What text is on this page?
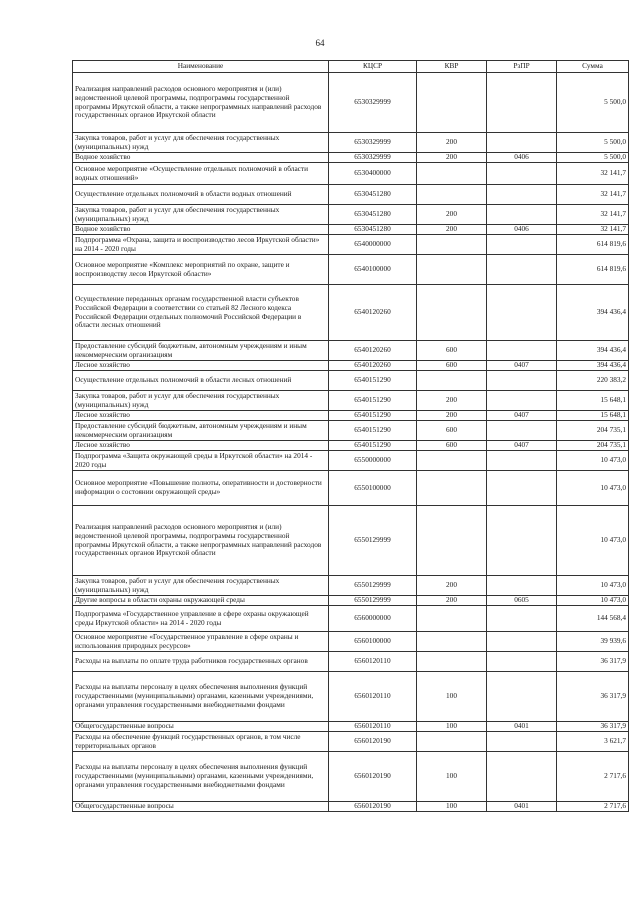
64
Наименование	КЦСР	КВР	РзПР	Сумма
Реализация направлений расходов основного мероприятия и (или) ведомственной целевой программы, подпрограммы государственной программы Иркутской области, а также непрограммных направлений расходов государственных органов Иркутской области	6530329999			5 500,0
Закупка товаров, работ и услуг для обеспечения государственных (муниципальных) нужд	6530329999	200		5 500,0
Водное хозяйство	6530329999	200	0406	5 500,0
Основное мероприятие «Осуществление отдельных полномочий в области водных отношений»	6530400000			32 141,7
Осуществление отдельных полномочий в области водных отношений	6530451280			32 141,7
Закупка товаров, работ и услуг для обеспечения государственных (муниципальных) нужд	6530451280	200		32 141,7
Водное хозяйство	6530451280	200	0406	32 141,7
Подпрограмма «Охрана, защита и воспроизводство лесов Иркутской области» на 2014 - 2020 годы	6540000000			614 819,6
Основное мероприятие «Комплекс мероприятий по охране, защите и воспроизводству лесов Иркутской области»	6540100000			614 819,6
Осуществление переданных органам государственной власти субъектов Российской Федерации в соответствии со статьей 82 Лесного кодекса Российской Федерации отдельных полномочий Российской Федерации в области лесных отношений	6540120260			394 436,4
Предоставление субсидий бюджетным, автономным учреждениям и иным некоммерческим организациям	6540120260	600		394 436,4
Лесное хозяйство	6540120260	600	0407	394 436,4
Осуществление отдельных полномочий в области лесных отношений	6540151290			220 383,2
Закупка товаров, работ и услуг для обеспечения государственных (муниципальных) нужд	6540151290	200		15 648,1
Лесное хозяйство	6540151290	200	0407	15 648,1
Предоставление субсидий бюджетным, автономным учреждениям и иным некоммерческим организациям	6540151290	600		204 735,1
Лесное хозяйство	6540151290	600	0407	204 735,1
Подпрограмма «Защита окружающей среды в Иркутской области» на 2014 - 2020 годы	6550000000			10 473,0
Основное мероприятие «Повышение полноты, оперативности и достоверности информации о состоянии окружающей среды»	6550100000			10 473,0
Реализация направлений расходов основного мероприятия и (или) ведомственной целевой программы, подпрограммы государственной программы Иркутской области, а также непрограммных направлений расходов государственных органов Иркутской области	6550129999			10 473,0
Закупка товаров, работ и услуг для обеспечения государственных (муниципальных) нужд	6550129999	200		10 473,0
Другие вопросы в области охраны окружающей среды	6550129999	200	0605	10 473,0
Подпрограмма «Государственное управление в сфере охраны окружающей среды Иркутской области» на 2014 - 2020 годы	6560000000			144 568,4
Основное мероприятие «Государственное управление в сфере охраны и использования природных ресурсов»	6560100000			39 939,6
Расходы на выплаты по оплате труда работников государственных органов	6560120110			36 317,9
Расходы на выплаты персоналу в целях обеспечения выполнения функций государственными (муниципальными) органами, казенными учреждениями, органами управления государственными внебюджетными фондами	6560120110	100		36 317,9
Общегосударственные вопросы	6560120110	100	0401	36 317,9
Расходы на обеспечение функций государственных органов, в том числе территориальных органов	6560120190			3 621,7
Расходы на выплаты персоналу в целях обеспечения выполнения функций государственными (муниципальными) органами, казенными учреждениями, органами управления государственными внебюджетными фондами	6560120190	100		2 717,6
Общегосударственные вопросы	6560120190	100	0401	2 717,6
